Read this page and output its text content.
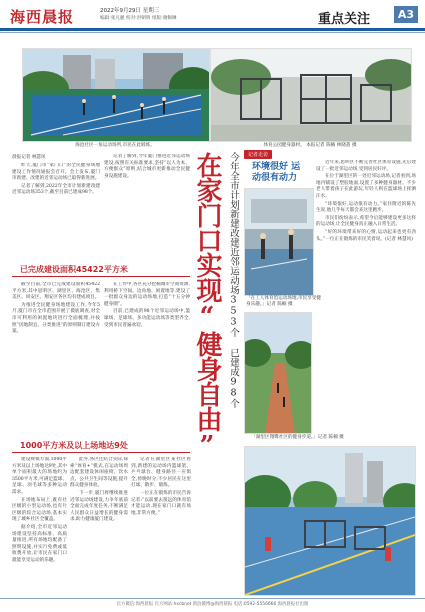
海西晨报	2022年9月29日 星期三
编辑:张凡麗 校对:洪朝明 组版:谢佩琳	重点关注	A3
海沧社区一角运动场所,市民在此锻炼。	体育公园健身器材。 本报记者 陈楠 林晓荔 摄
晨报记者 林慧风

昨天,厦门市“家门口”的全民健身场地建设工作情况通报会召开。会上发布,厦门市新建、改建的近邻运动场已取得新进展。

记者了解到,2022年全市计划新建改建近邻运动场353个,截至目前已建成98个。

记者了解到,今年厦门推进近邻运动场建设,按照有关标准要求,坚持“以人为本、方便群众”原则,结合城市更新推动全民健身设施建设。

已完成建设面积45422平方米

截至目前,全市已完成建设面积45422平方米,其中思明区、湖里区、海沧区、集美区、同安区、翔安区各区均有建成项目。

为推进全民健身场地建设工作,今年5月,厦门市在全市范围开展了摸底调查,对全市可利用的闲置地块进行全面梳理,并按照“因地制宜、分类推进”的原则制订建设方案。

在工作中,各区充分挖掘城市空间资源,利用桥下空间、边角地、闲置地等,建设了一批群众身边的运动场地,打造“十五分钟健身圈”。

目前,已建成的98个近邻运动场中,篮球场、足球场、多功能运动场等类型齐全,受到市民普遍欢迎。

1000平方米及以上场地达9处

建设规模方面,1000平方米及以上场地达9处,其中单个面积最大的场地约为3500平方米,可满足篮球、足球、羽毛球等多种运动需求。

在场地布局上,既有社区级的小型运动场,也有片区级的综合运动场,基本实现了城乡社区全覆盖。

据介绍,全市近邻运动场建设坚持高标准、高质量推进,所有场地均配备了照明设施,并实行免费或低收费开放,让市民在家门口就能享受运动的乐趣。

此外,各区还结合实际,探索“体育+”模式,在运动场周边配套建设休闲座椅、饮水点、公共卫生间等设施,提升群众健身体验。

下一步,厦门将继续推进近邻运动场建设,力争年底前全面完成年度任务,不断满足人民群众日益增长的健身需求,助力健康厦门建设。

记者在湖里区某社区看到,新建的运动场内篮球架、乒乓球台、健身路径一应俱全,傍晚时分,不少居民在这里打球、散步、锻炼。

一位正在锻炼的市民告诉记者:“以前要去很远的体育馆才能运动,现在家门口就有场地,非常方便。”

今年全市计划新建改建近邻运动场353个 已建成98个
在家门口实现“健身自由”	记者走访
环境很好 运动很有动力
「在工人体育馆运动场地,市民享受健身乐趣。」记者 陈楠 摄
「湖里区翔鹭社区的健身步道。」记者 陈楠 摄

近年来,思明区不断完善社区体育设施,先后建设了一批近邻运动场,受到居民好评。

在位于湖里区的一处近邻运动场,记者看到,场地内铺设了塑胶地面,设置了多种健身器材。不少老人带着孩子在此游玩,年轻人则在篮球场上挥洒汗水。

“环境很好,运动很有动力。”家住附近的陈先生说,他几乎每天都会来这里跑步。

市民们纷纷表示,希望今后能够建设更多这样的运动场,让全民健身真正融入日常生活。

“好的环境带来好的心情,运动起来也更有劲头。”一位正在锻炼的市民笑着说。(记者 林慧风)

官方微信:海西晨报 官方网站:hxcbnet 新浪微博@海西晨报 电话:0592-5556666 海西晨报社出版
